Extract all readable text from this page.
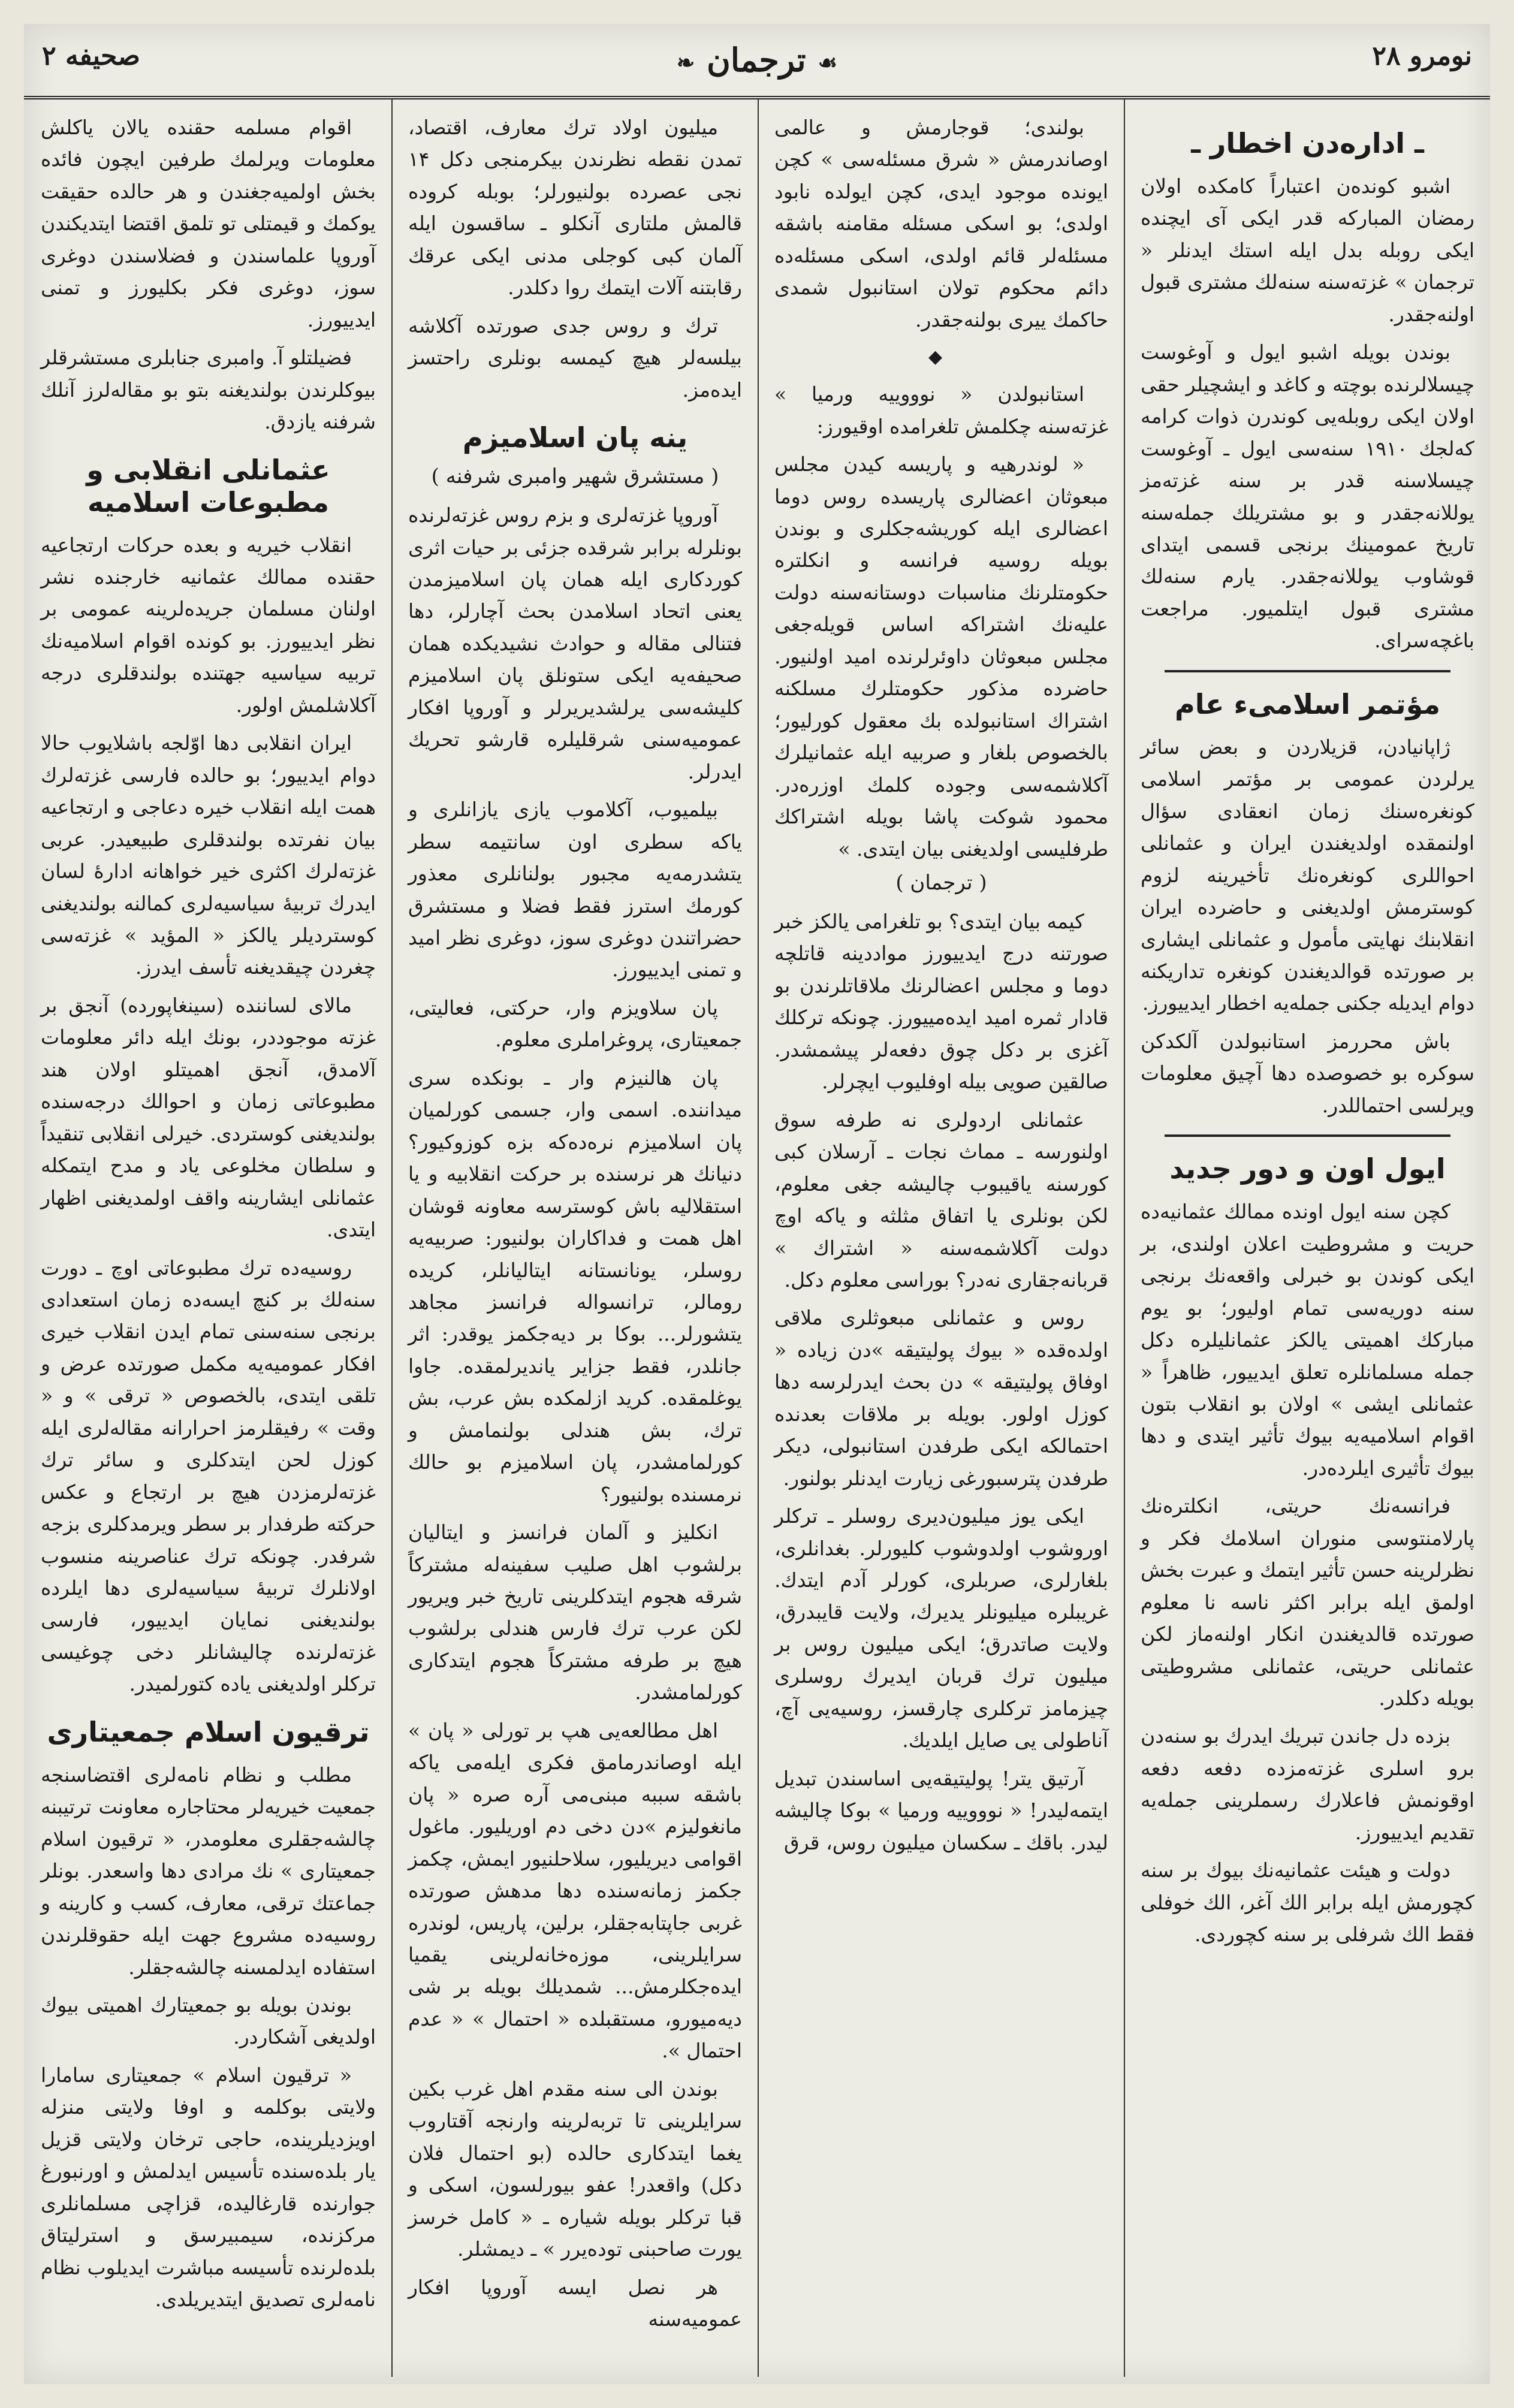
صحیفه ۲	❧ ترجمان ☙	نومرو ۲۸
ـ اداره‌دن اخطار ـ

اشبو كونده‌ن اعتباراً كامكده اولان رمضان المباركه قدر ایكی آی ایچنده ایكی روبله بدل ایله استك ایدنلر « ترجمان » غزته‌سنه سنه‌لك مشتری قبول اولنه‌جقدر.

بوندن بویله اشبو ایول و آوغوست چیسلالرنده بوچته و كاغد و ایشچیلر حقی اولان ایكی روبله‌یی كوندرن ذوات كرامه كه‌لجك ۱۹۱۰ سنه‌سی ایول ـ آوغوست چیسلاسنه قدر بر سنه غزته‌مز یوللانه‌جقدر و بو مشتریلك جمله‌سنه تاریخ عمومینك برنجی قسمی ایتدای قوشاوب یوللانه‌جقدر. یارم سنه‌لك مشتری قبول ایتلمیور. مراجعت باغچه‌سرای.

مؤتمر اسلامیء عام

ژاپانیادن، قزیلاردن و بعض سائر یرلردن عمومی بر مؤتمر اسلامی كونغره‌سنك زمان انعقادی سؤال اولنمقده اولدیغندن ایران و عثمانلی احواللری كونغره‌نك تأخیرینه لزوم كوسترمش اولدیغنی و حاضرده ایران انقلابنك نهایتی مأمول و عثمانلی ایشاری بر صورتده قوالدیغندن كونغره تداریكنه دوام ایدیله جكنی جمله‌یه اخطار ایدییورز.

باش محررمز استانبولدن آلكدكن سوكره بو خصوصده دها آچیق معلومات ویرلسی احتماللدر.

ایول اون و دور جدید

كچن سنه ایول اونده ممالك عثمانیه‌ده حریت و مشروطیت اعلان اولندی، بر ایكی كوندن بو خبرلی واقعه‌نك برنجی سنه دوریه‌سی تمام اولیور؛ بو یوم مباركك اهمیتی یالكز عثمانلیلره دكل جمله مسلمانلره تعلق ایدییور، ظاهراً « عثمانلی ایشی » اولان بو انقلاب بتون اقوام اسلامیه‌یه بیوك تأثیر ایتدی و دها بیوك تأثیری ایلرده‌در.

فرانسه‌نك حریتی، انكلتره‌نك پارلامنتوسی منوران اسلامك فكر و نظرلرینه حسن تأثیر ایتمك و عبرت بخش اولمق ایله برابر اكثر ناسه نا معلوم صورتده قالدیغندن انكار اولنه‌ماز لكن عثمانلی حریتی، عثمانلی مشروطیتی بویله دكلدر.

بزده دل جاندن تبریك ایدرك بو سنه‌دن برو اسلری غزته‌مزده دفعه دفعه اوقونمش فاعلارك رسملرینی جمله‌یه تقدیم ایدییورز.

دولت و هیئت عثمانیه‌نك بیوك بر سنه كچورمش ایله برابر الك آغر، الك خوفلی فقط الك شرفلی بر سنه كچوردی.

بولندی؛ قوجارمش و عالمی اوصاندرمش « شرق مسئله‌سی » كچن ایونده موجود ایدی، كچن ایولده نابود اولدی؛ بو اسكی مسئله مقامنه باشقه مسئله‌لر قائم اولدی، اسكی مسئله‌ده دائم محكوم تولان استانبول شمدی حاكمك ییری بولنه‌جقدر.

◆

استانبولدن « نوووییه ورمیا » غزته‌سنه چكلمش تلغرامده اوقیورز:

« لوندرهیه و پاریسه كیدن مجلس مبعوثان اعضالری پاریسده روس دوما اعضالری ایله كوریشه‌جكلری و بوندن بویله روسیه فرانسه و انكلتره حكومتلرنك مناسبات دوستانه‌سنه دولت علیه‌نك اشتراكه اساس قویله‌جغی مجلس مبعوثان داوئرلرنده امید اولنیور. حاضرده مذكور حكومتلرك مسلكنه اشتراك استانبولده بك معقول كورلیور؛ بالخصوص بلغار و صربیه ایله عثمانیلرك آكلاشمه‌سی وجوده كلمك اوزره‌در. محمود شوكت پاشا بویله اشتراكك طرفلیسی اولدیغنی بیان ایتدی. »

( ترجمان )

كیمه بیان ایتدی؟ بو تلغرامی یالكز خبر صورتنه درج ایدییورز مواددینه قاتلچه دوما و مجلس اعضالرنك ملاقاتلرندن بو قادار ثمره امید ایده‌مییورز. چونكه تركلك آغزی بر دكل چوق دفعه‌لر پیشمشدر. صالقین صویی بیله اوفلیوب ایچرلر.

عثمانلی اردولری نه طرفه سوق اولنورسه ـ مماث نجات ـ آرسلان كبی كورسنه یاقیبوب چالیشه جغی معلوم، لكن بونلری یا اتفاق مثلثه و یاكه اوچ دولت آكلاشمه‌سنه « اشتراك » قربانه‌جقاری نه‌در؟ بوراسی معلوم دكل.

روس و عثمانلی مبعوثلری ملاقی اولده‌قده « بیوك پولیتیقه »دن زیاده « اوفاق پولیتیقه » دن بحث ایدرلرسه دها كوزل اولور. بویله بر ملاقات بعدنده احتمالكه ایكی طرفدن استانبولی، دیكر طرفدن پترسبورغی زیارت ایدنلر بولنور.

ایكی یوز میلیون‌دیری روسلر ـ تركلر اوروشوب اولدوشوب كلیورلر. بغدانلری، بلغارلری، صربلری، كورلر آدم ایتدك. غریبلره میلیونلر یدیرك، ولایت قایبدرق، ولایت صاتدرق؛ ایكی میلیون روس بر میلیون ترك قربان ایدیرك روسلری چیزمامز تركلری چارقسز، روسیه‌یی آچ، آناطولی یی صایل ایلدیك.

آرتیق یتر! پولیتیقه‌یی اساسندن تبدیل ایتمه‌لیدر! « نوووییه ورمیا » بوكا چالیشه لیدر. باقك ـ سكسان میلیون روس، قرق

میلیون اولاد ترك معارف، اقتصاد، تمدن نقطه نظرندن بیكرمنجی دكل ۱۴ نجی عصرده بولنیورلر؛ بوبله كروده قالمش ملتاری آنكلو ـ ساقسون ایله آلمان كبی كوجلی مدنی ایكی عرقك رقابتنه آلات ایتمك روا دكلدر.

ترك و روس جدی صورتده آكلاشه بیلسه‌لر هیچ كیمسه بونلری راحتسز ایده‌مز.

ینه پان اسلامیزم
( مستشرق شهیر وامبری شرفنه )

آوروپا غزته‌لری و بزم روس غزته‌لرنده بونلرله برابر شرقده جزئی بر حیات اثری كوردكاری ایله همان پان اسلامیزمدن یعنی اتحاد اسلامدن بحث آچارلر، دها فتنالی مقاله و حوادث نشیدیكده همان صحیفه‌یه ایكی ستونلق پان اسلامیزم كلیشه‌سی یرلشدیریرلر و آوروپا افكار عمومیه‌سنی شرقلیلره قارشو تحریك ایدرلر.

بیلمیوب، آكلاموب یازی یازانلری و یاكه سطری اون سانتیمه سطر یتشدرمه‌یه مجبور بولنانلری معذور كورمك استرز فقط فضلا و مستشرق حضراتندن دوغری سوز، دوغری نظر امید و تمنی ایدییورز.

پان سلاویزم وار، حركتی، فعالیتی، جمعیتاری، پروغراملری معلوم.

پان هالنیزم وار ـ بونكده سری میداننده. اسمی وار، جسمی كورلمیان پان اسلامیزم نره‌ده‌كه بزه كوزوكیور؟ دنیانك هر نرسنده بر حركت انقلابیه و یا استقلالیه باش كوسترسه معاونه قوشان اهل همت و فداكاران بولنیور: صربیه‌یه روسلر، یونانستانه ایتالیانلر، كریده رومالر، ترانسواله فرانسز مجاهد یتشورلر... بوكا بر دیه‌جكمز یوقدر: اثر جانلدر، فقط جزایر یاندیرلمقده. جاوا یوغلمقده. كرید ازلمكده بش عرب، بش ترك، بش هندلی بولنمامش و كورلمامشدر، پان اسلامیزم بو حالك نرمسنده بولنیور؟

انكلیز و آلمان فرانسز و ایتالیان برلشوب اهل صلیب سفینه‌له مشتركاً شرقه هجوم ایتدكلرینی تاریخ خبر ویریور لكن عرب ترك فارس هندلی برلشوب هیچ بر طرفه مشتركاً هجوم ایتدكاری كورلمامشدر.

اهل مطالعه‌یی هپ بر تورلی « پان » ایله اوصاندرمامق فكری ایله‌می یاكه باشقه سببه مبنی‌می آره صره « پان مانغولیزم »دن دخی دم اوریلیور. ماغول اقوامی دیریلیور، سلاحلنیور ایمش، چكمز جكمز زمانه‌سنده دها مدهش صورتده غربی جاپتابه‌جقلر، برلین، پاریس، لوندره سرایلرینی، موزه‌خانه‌لرینی یقمیا ایده‌جكلرمش... شمدیلك بویله بر شی دیه‌میورو، مستقبلده « احتمال » « عدم احتمال ».

بوندن الی سنه مقدم اهل غرب بكین سرایلرینی تا تربه‌لرینه وارنجه آقتاروب یغما ایتدكاری حالده (بو احتمال فلان دكل) واقعدر! عفو بیورلسون، اسكی و قبا تركلر بویله شیاره ـ « كامل خرسز یورت صاحبنی توده‌یرر » ـ دیمشلر.

هر نصل ایسه آوروپا افكار عمومیه‌سنه

اقوام مسلمه حقنده یالان یاكلش معلومات ویرلمك طرفین ایچون فائده بخش اولمیه‌جغندن و هر حالده حقیقت یوكمك و قیمتلی تو تلمق اقتضا ایتدیكندن آوروپا علماسندن و فضلاسندن دوغری سوز، دوغری فكر بكلیورز و تمنی ایدییورز.

فضیلتلو آ. وامبری جنابلری مستشرقلر بیوكلرندن بولندیغنه بتو بو مقاله‌لرز آنلك شرفنه یازدق.

عثمانلی انقلابی و مطبوعات اسلامیه

انقلاب خیریه و بعده حركات ارتجاعیه حقنده ممالك عثمانیه خارجنده نشر اولنان مسلمان جریده‌لرینه عمومی بر نظر ایدییورز. بو كونده اقوام اسلامیه‌نك تربیه سیاسیه جهتنده بولندقلری درجه آكلاشلمش اولور.

ایران انقلابی دها اوّلجه باشلایوب حالا دوام ایدییور؛ بو حالده فارسی غزته‌لرك همت ایله انقلاب خیره دعاجی و ارتجاعیه بیان نفرتده بولندقلری طبیعیدر. عربی غزته‌لرك اكثری خیر خواهانه ادارهٔ لسان ایدرك تربیهٔ سیاسیه‌لری كمالنه بولندیغنی كوستردیلر یالكز « المؤید » غزته‌سی چغردن چیقدیغنه تأسف ایدرز.

مالای لساننده (سینغاپورده) آنجق بر غزته موجوددر، بونك ایله دائر معلومات آلامدق، آنجق اهمیتلو اولان هند مطبوعاتی زمان و احوالك درجه‌سنده بولندیغنی كوستردی. خیرلی انقلابی تنقیداً و سلطان مخلوعی یاد و مدح ایتمكله عثمانلی ایشارینه واقف اولمدیغنی اظهار ایتدی.

روسیه‌ده ترك مطبوعاتی اوچ ـ دورت سنه‌لك بر كنچ ایسه‌ده زمان استعدادی برنجی سنه‌سنی تمام ایدن انقلاب خیری افكار عمومیه‌یه مكمل صورتده عرض و تلقی ایتدی، بالخصوص « ترقی » و « وقت » رفیقلرمز احرارانه مقاله‌لری ایله كوزل لحن ایتدكلری و سائر ترك غزته‌لرمزدن هیچ بر ارتجاع و عكس حركته طرفدار بر سطر ویرمدكلری بزجه شرفدر. چونكه ترك عناصرینه منسوب اولانلرك تربیهٔ سیاسیه‌لری دها ایلرده بولندیغنی نمایان ایدییور، فارسی غزته‌لرنده چالیشانلر دخی چوغیسی تركلر اولدیغنی یاده كتورلمیدر.

ترقیون اسلام جمعیتاری

مطلب و نظام نامه‌لری اقتضاسنجه جمعیت خیریه‌لر محتاجاره معاونت ترتیبنه چالشه‌جقلری معلومدر، « ترقیون اسلام جمعیتاری » نك مرادی دها واسعدر. بونلر جماعتك ترقی، معارف، كسب و كارینه و روسیه‌ده مشروع جهت ایله حقوقلرندن استفاده ایدلمسنه چالشه‌جقلر.

بوندن بویله بو جمعیتارك اهمیتی بیوك اولدیغی آشكاردر.

« ترقیون اسلام » جمعیتاری سامارا ولایتی بوكلمه و اوفا ولایتی منزله اویزدیلرینده، حاجی ترخان ولایتی قزیل یار بلده‌سنده تأسیس ایدلمش و اورنبورغ جوارنده قارغالیده، قزاچی مسلمانلری مركزنده، سیمبیرسق و استرلیتاق بلده‌لرنده تأسیسه مباشرت ایدیلوب نظام نامه‌لری تصدیق ایتدیریلدی.
